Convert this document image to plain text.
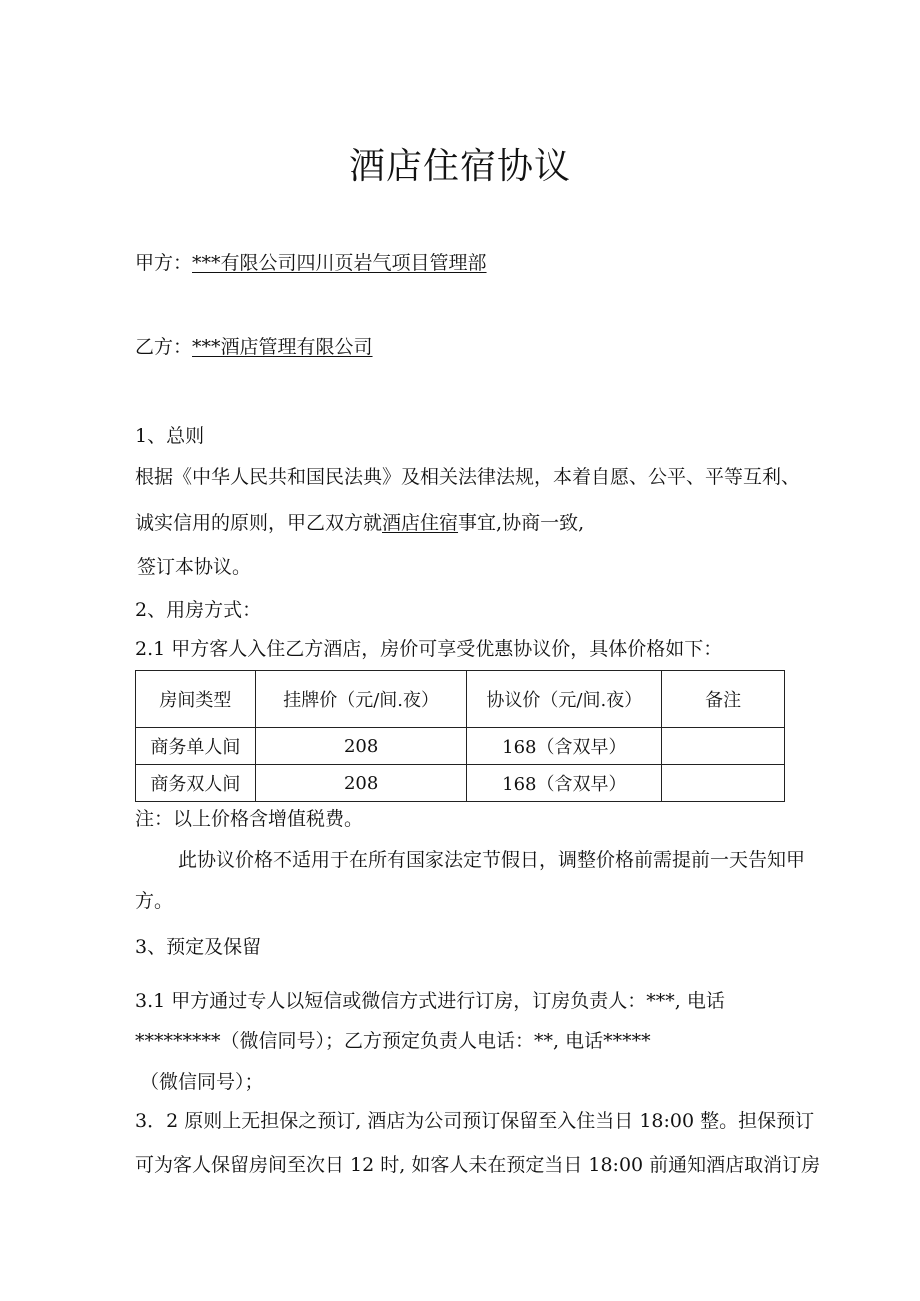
酒店住宿协议
甲方：***有限公司四川页岩气项目管理部
乙方：***酒店管理有限公司
1、总则
根据《中华人民共和国民法典》及相关法律法规，本着自愿、公平、平等互利、
诚实信用的原则，甲乙双方就酒店住宿事宜,协商一致,
签订本协议。
2、用房方式：
2.1 甲方客人入住乙方酒店，房价可享受优惠协议价，具体价格如下：
房间类型	挂牌价（元/间.夜）	协议价（元/间.夜）	备注
商务单人间	208	168（含双早）	
商务双人间	208	168（含双早）	
注：以上价格含增值税费。
此协议价格不适用于在所有国家法定节假日，调整价格前需提前一天告知甲
方。
3、预定及保留
3.1 甲方通过专人以短信或微信方式进行订房，订房负责人：***, 电话
*********（微信同号）；乙方预定负责人电话：**, 电话*****
（微信同号）；
3．2 原则上无担保之预订, 酒店为公司预订保留至入住当日 18:00 整。担保预订
可为客人保留房间至次日 12 时, 如客人未在预定当日 18:00 前通知酒店取消订房
